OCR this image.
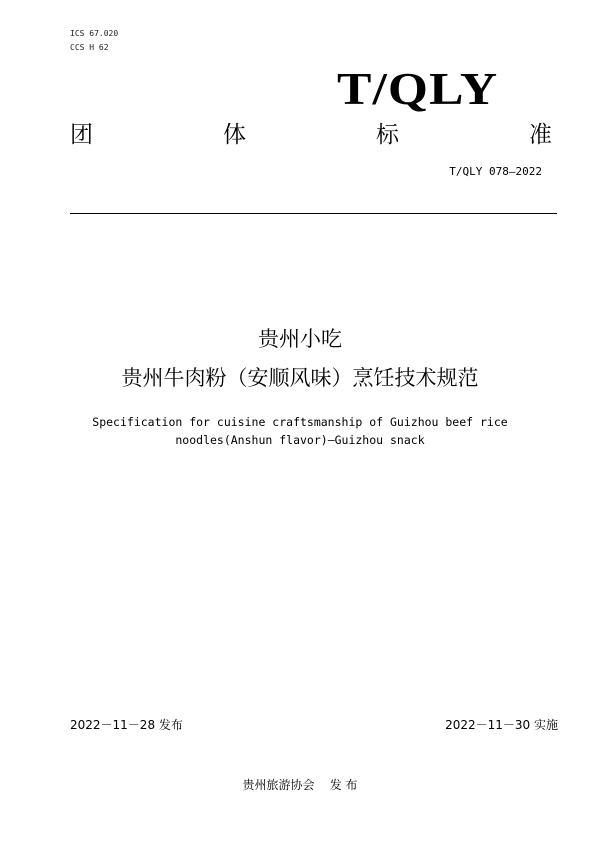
ICS 67.020
CCS H 62
T/QLY
团	体	标	准
T/QLY 078—2022
贵州小吃
贵州牛肉粉（安顺风味）烹饪技术规范
Specification for cuisine craftsmanship of Guizhou beef rice
noodles(Anshun flavor)—Guizhou snack
2022－11－28 发布	2022－11－30 实施
贵州旅游协会    发 布
